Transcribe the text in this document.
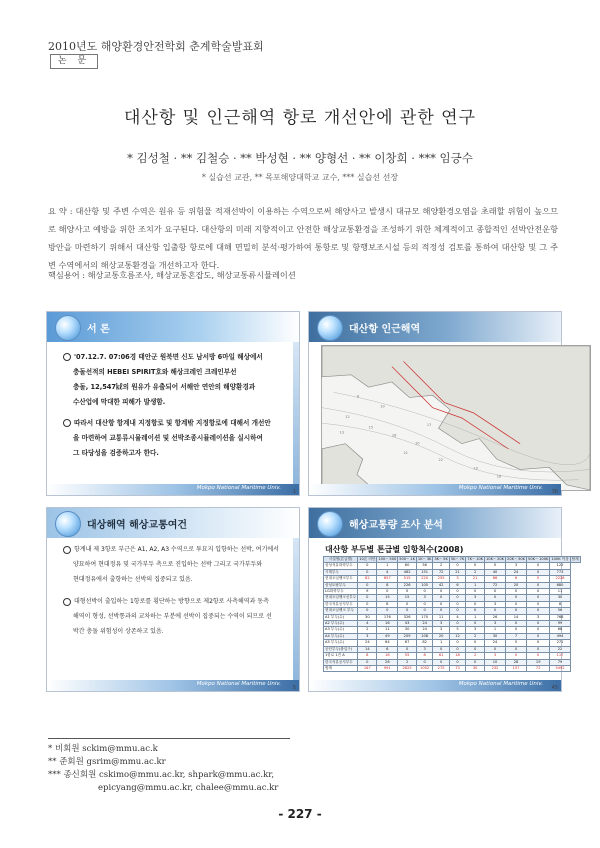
2010년도 해양환경안전학회 춘계학술발표회
논 문
대산항 및 인근해역 항로 개선안에 관한 연구
* 김성철 · ** 김철승 · ** 박성현 · ** 양형선 · ** 이창희 · *** 임긍수
* 실습선 교관, ** 목포해양대학교 교수, *** 실습선 선장
요 약 : 대산항 및 주변 수역은 원유 등 위험물 적재선박이 이용하는 수역으로써 해양사고 발생시 대규모 해양환경오염을 초래할 위험이 높으므로 해양사고 예방을 위한 조치가 요구된다. 대산항의 미래 지향적이고 안전한 해상교통환경을 조성하기 위한 체계적이고 종합적인 선박안전운항 방안을 마련하기 위해서 대산항 입출항 항로에 대해 면밀히 분석·평가하여 통항로 및 항행보조시설 등의 적정성 검토를 통하여 대산항 및 그 주변 수역에서의 해상교통환경을 개선하고자 한다.
핵심용어 : 해상교통흐름조사, 해상교통혼잡도, 해상교통류시뮬레이션
서 론
'07.12.7. 07:06경 태안군 원북면 신도 남서방 6마일 해상에서
충돌선적의 HEBEI SPIRIT호와 해상크레인 크레인부선
충돌, 12,547㎘의 원유가 유출되어 서해안 연안의 해양환경과
수산업에 막대한 피해가 발생함.
따라서 대산항 항계내 지정항로 및 항계밖 지정항로에 대해서 개선안
을 마련하여 교통류시뮬레이션 및 선박조종시뮬레이션을 실시하여
그 타당성을 검증하고자 한다.
Mokpo National Maritime Univ.
1
대산항 인근해역
12
15
18
20
22
19
10
8
16
21
13
17
Mokpo National Maritime Univ.
36
대상해역 해상교통여건
항계내 제 3항로 부근은 A1, A2, A3 수역으로 투묘지 입항하는 선박, 여기에서
양묘하여 현대정유 및 국가부두 측으로 진입하는 선박 그리고 국가부두와
현대정유에서 출항하는 선박의 집중되고 있음.
대형선박이 출입하는 1항로를 횡단하는 방향으로 제2항로 사측해역과 동측
해역이 형성, 선박통과의 교차하는 부분에 선박이 집중되는 수역이 되므로 선
박간 충돌 위험성이 상존하고 있음.
Mokpo National Maritime Univ.
5
해상교통량 조사 분석
대산항 부두별 톤급별 입항척수(2008)
시설명(톤급별)	10톤 미만	100~ 500	500~ 1K	1K~ 3K	3K~ 5K	5K~ 7K	7K~ 10K	10K~ 20K	20K~ 50K	50K~ 100K	100K 이상	합계
삼성석유화학부두	0	1	60	56	2	0	0	0	3	0	122	
시계부두	0	4	462	151	72	21	2	40	24	0	773	
현대오일뱅크부두	82	857	515	220	255	3	21	86	6	0	2228	
삼성토탈부두	0	8	226	105	42	6	1	72	20	0	680	
LG화학부두	9	0	0	0	0	0	0	0	0	0	11	
현대오일뱅크신부두	0	15	15	3	0	0	3	0	0	0	30	
한국석유공사부두	0	8	0	0	0	0	0	3	0	0	8	
현대오일뱅크 부두	0	0	0	0	0	0	0	0	0	0	56	
A1 부두(수)	30	176	326	170	11	4	1	26	14	3	768	
A2 부두(수)	4	16	43	24	3	0	0	3	0	0	99	
A3 부두(수)	2	11	30	24	3	5	3	1	0	0	68	
A4 부두(수)	3	49	209	108	20	12	2	30	7	0	494	
A5 부두(수)	24	64	67	82	1	0	0	24	5	0	271	
공단부두(출입구)	14	6	0	3	0	0	0	0	0	0	22	
1항로 1진 A	8	18	55	8	61	18	2	3	0	0	117	
한국석유공사부두	0	26	2	0	0	0	0	10	28	19	79	
합계	167	991	2825	1052	275	73	30	232	157	72	5492	
Mokpo National Maritime Univ.
45
* 비회원 sckim@mmu.ac.k
** 준회원 gsrim@mmu.ac.kr
*** 종신회원 cskimo@mmu.ac.kr, shpark@mmu.ac.kr,
epicyang@mmu.ac.kr, chalee@mmu.ac.kr
- 227 -
